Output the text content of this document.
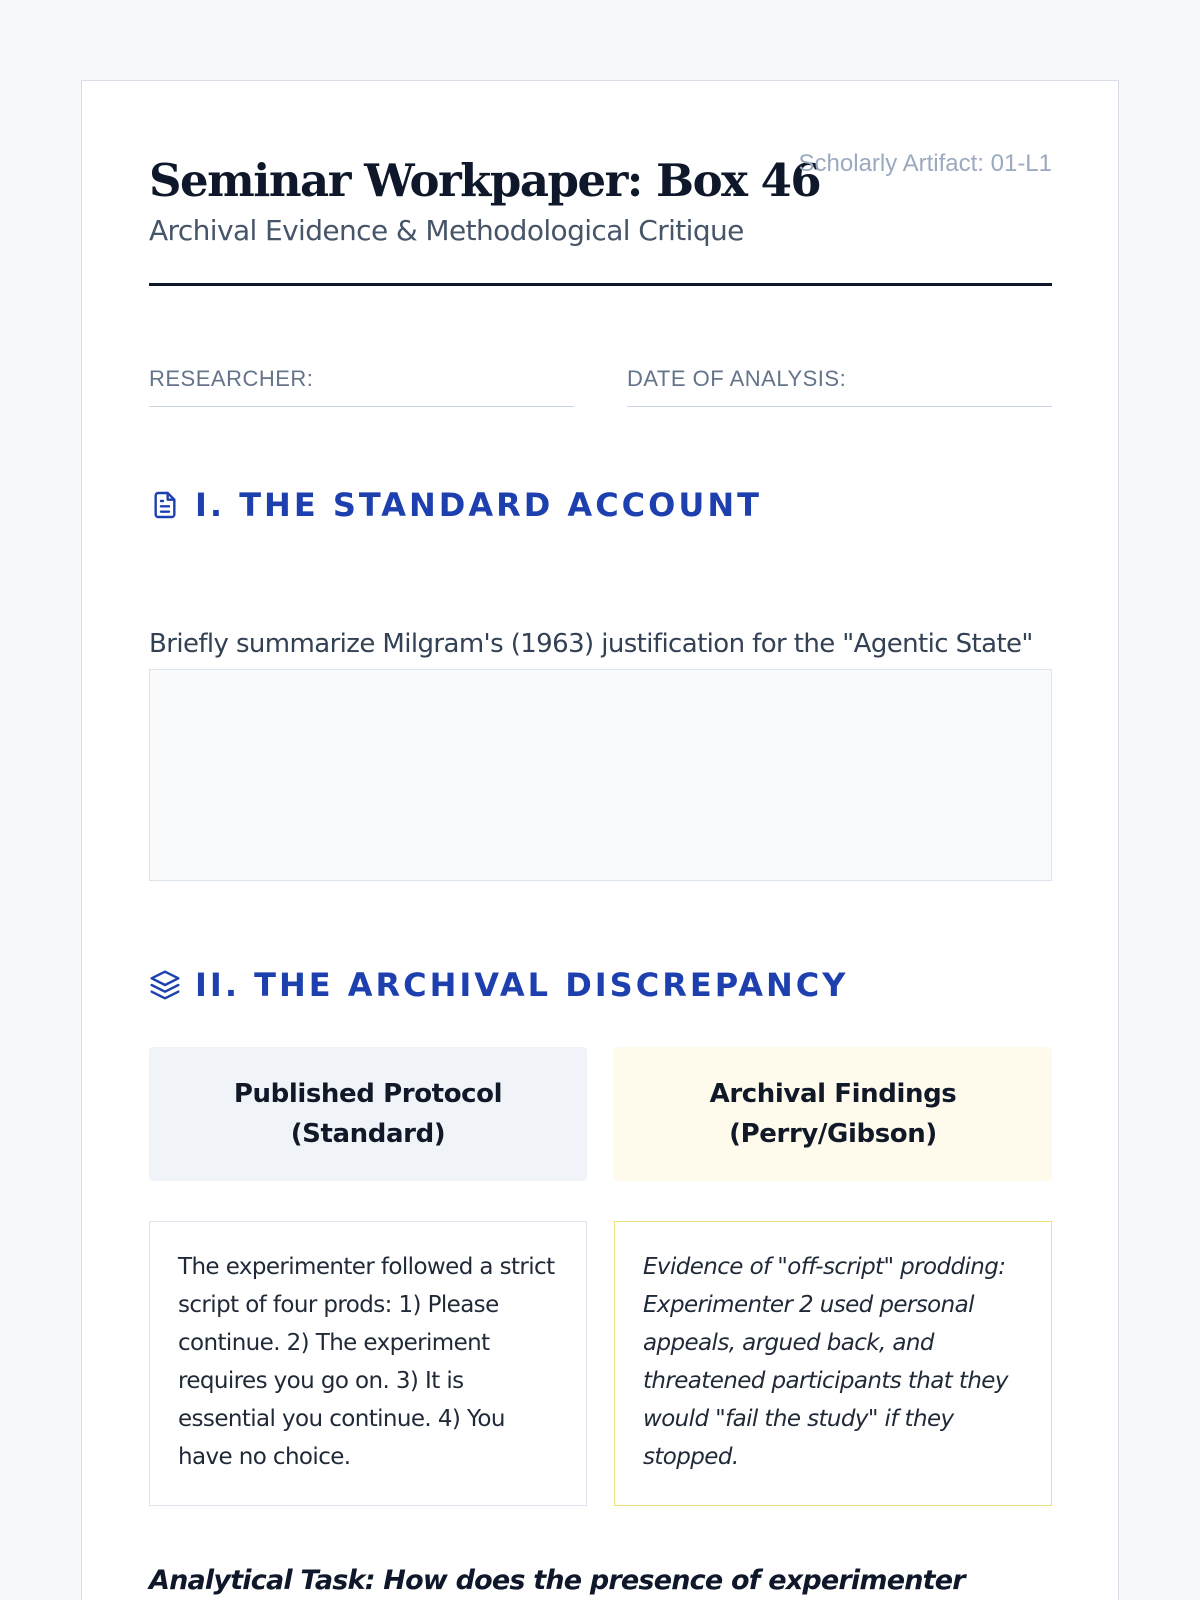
Seminar Workpaper: Box 46
Scholarly Artifact: 01-L1
Archival Evidence & Methodological Critique
RESEARCHER:	DATE OF ANALYSIS:
I. THE STANDARD ACCOUNT
Briefly summarize Milgram's (1963) justification for the "Agentic State"
II. THE ARCHIVAL DISCREPANCY
Published Protocol (Standard)
Archival Findings (Perry/Gibson)
The experimenter followed a strict script of four prods: 1) Please continue. 2) The experiment requires you go on. 3) It is essential you continue. 4) You have no choice.
Evidence of "off-script" prodding: Experimenter 2 used personal appeals, argued back, and threatened participants that they would "fail the study" if they stopped.
Analytical Task: How does the presence of experimenter
